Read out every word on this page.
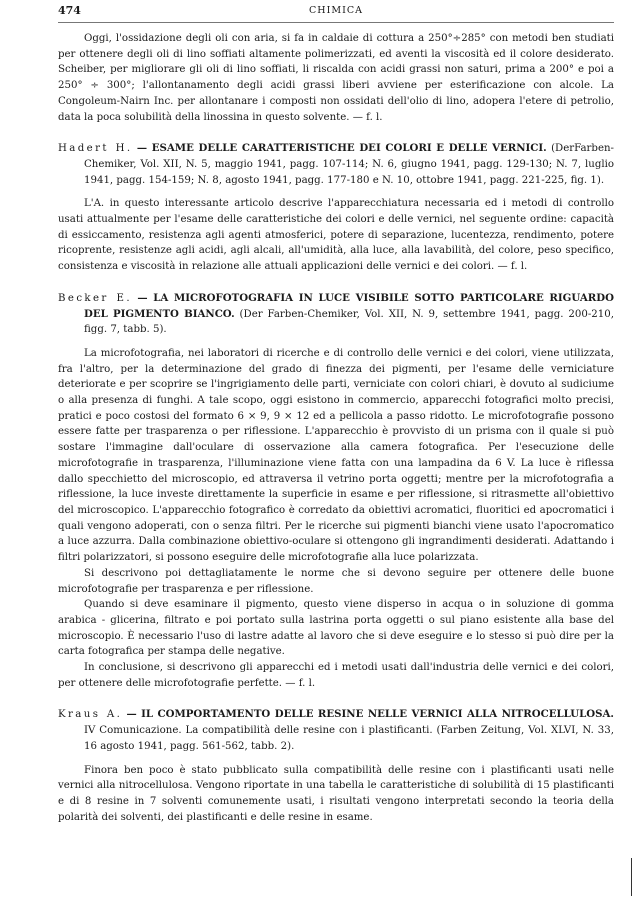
474	CHIMICA

Oggi, l'ossidazione degli oli con aria, si fa in caldaie di cottura a 250°÷285° con metodi ben studiati per ottenere degli oli di lino soffiati altamente polimerizzati, ed aventi la viscosità ed il colore desiderato. Scheiber, per migliorare gli oli di lino soffiati, li riscalda con acidi grassi non saturi, prima a 200° e poi a 250° ÷ 300°; l'allontanamento degli acidi grassi liberi avviene per esterificazione con alcole. La Congoleum-Nairn Inc. per allontanare i composti non ossidati dell'olio di lino, adopera l'etere di petrolio, data la poca solubilità della linossina in questo solvente. — f. l.

Hadert H. — ESAME DELLE CARATTERISTICHE DEI COLORI E DELLE VERNICI. (DerFarben-Chemiker, Vol. XII, N. 5, maggio 1941, pagg. 107-114; N. 6, giugno 1941, pagg. 129-130; N. 7, luglio 1941, pagg. 154-159; N. 8, agosto 1941, pagg. 177-180 e N. 10, ottobre 1941, pagg. 221-225, fig. 1).

L'A. in questo interessante articolo descrive l'apparecchiatura necessaria ed i metodi di controllo usati attualmente per l'esame delle caratteristiche dei colori e delle vernici, nel seguente ordine: capacità di essiccamento, resistenza agli agenti atmosferici, potere di separazione, lucentezza, rendimento, potere ricoprente, resistenze agli acidi, agli alcali, all'umidità, alla luce, alla lavabilità, del colore, peso specifico, consistenza e viscosità in relazione alle attuali applicazioni delle vernici e dei colori. — f. l.

Becker E. — LA MICROFOTOGRAFIA IN LUCE VISIBILE SOTTO PARTICOLARE RIGUARDO DEL PIGMENTO BIANCO. (Der Farben-Chemiker, Vol. XII, N. 9, settembre 1941, pagg. 200-210, figg. 7, tabb. 5).

La microfotografia, nei laboratori di ricerche e di controllo delle vernici e dei colori, viene utilizzata, fra l'altro, per la determinazione del grado di finezza dei pigmenti, per l'esame delle verniciature deteriorate e per scoprire se l'ingrigiamento delle parti, verniciate con colori chiari, è dovuto al sudiciume o alla presenza di funghi. A tale scopo, oggi esistono in commercio, apparecchi fotografici molto precisi, pratici e poco costosi del formato 6 × 9, 9 × 12 ed a pellicola a passo ridotto. Le microfotografie possono essere fatte per trasparenza o per riflessione. L'apparecchio è provvisto di un prisma con il quale si può sostare l'immagine dall'oculare di osservazione alla camera fotografica. Per l'esecuzione delle microfotografie in trasparenza, l'illuminazione viene fatta con una lampadina da 6 V. La luce è riflessa dallo specchietto del microscopio, ed attraversa il vetrino porta oggetti; mentre per la microfotografia a riflessione, la luce investe direttamente la superficie in esame e per riflessione, si ritrasmette all'obiettivo del microscopico. L'apparecchio fotografico è corredato da obiettivi acromatici, fluoritici ed apocromatici i quali vengono adoperati, con o senza filtri. Per le ricerche sui pigmenti bianchi viene usato l'apocromatico a luce azzurra. Dalla combinazione obiettivo-oculare si ottengono gli ingrandimenti desiderati. Adattando i filtri polarizzatori, si possono eseguire delle microfotografie alla luce polarizzata.

Si descrivono poi dettagliatamente le norme che si devono seguire per ottenere delle buone microfotografie per trasparenza e per riflessione.

Quando si deve esaminare il pigmento, questo viene disperso in acqua o in soluzione di gomma arabica - glicerina, filtrato e poi portato sulla lastrina porta oggetti o sul piano esistente alla base del microscopio. È necessario l'uso di lastre adatte al lavoro che si deve eseguire e lo stesso si può dire per la carta fotografica per stampa delle negative.

In conclusione, si descrivono gli apparecchi ed i metodi usati dall'industria delle vernici e dei colori, per ottenere delle microfotografie perfette. — f. l.

Kraus A. — IL COMPORTAMENTO DELLE RESINE NELLE VERNICI ALLA NITROCELLULOSA. IV Comunicazione. La compatibilità delle resine con i plastificanti. (Farben Zeitung, Vol. XLVI, N. 33, 16 agosto 1941, pagg. 561-562, tabb. 2).

Finora ben poco è stato pubblicato sulla compatibilità delle resine con i plastificanti usati nelle vernici alla nitrocellulosa. Vengono riportate in una tabella le caratteristiche di solubilità di 15 plastificanti e di 8 resine in 7 solventi comunemente usati, i risultati vengono interpretati secondo la teoria della polarità dei solventi, dei plastificanti e delle resine in esame.
